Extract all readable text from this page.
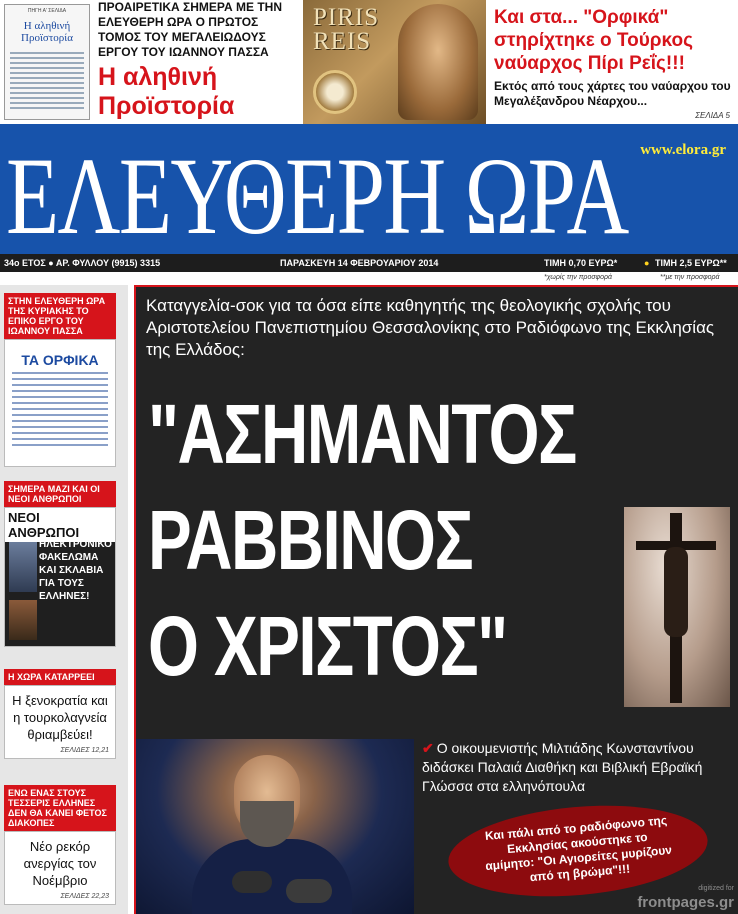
ΠΗΓΗ Α' ΣΕΛΙΔΑ
Η αληθινή Προϊστορία
ΠΡΟΑΙΡΕΤΙΚΑ ΣΗΜΕΡΑ ΜΕ ΤΗΝ ΕΛΕΥΘΕΡΗ ΩΡΑ Ο ΠΡΩΤΟΣ ΤΟΜΟΣ ΤΟΥ ΜΕΓΑΛΕΙΩΔΟΥΣ ΕΡΓΟΥ ΤΟΥ ΙΩΑΝΝΟΥ ΠΑΣΣΑ
Η αληθινή
Προϊστορία
PIRIS
REIS
Και στα... "Ορφικά" στηρίχτηκε ο Τούρκος ναύαρχος Πίρι Ρεΐς!!!
Εκτός από τους χάρτες του ναύαρχου του Μεγαλέξανδρου Νέαρχου...
ΣΕΛΙΔΑ 5
ΕΛΕΥΘΕΡΗ ΩΡΑ www.elora.gr
34ο ΕΤΟΣ ● ΑΡ. ΦΥΛΛΟΥ (9915) 3315	ΠΑΡΑΣΚΕΥΗ 14 ΦΕΒΡΟΥΑΡΙΟΥ 2014	ΤΙΜΗ 0,70 ΕΥΡΩ*	● ΤΙΜΗ 2,5 ΕΥΡΩ**
*χωρίς την προσφορά	**με την προσφορά
ΣΤΗΝ ΕΛΕΥΘΕΡΗ ΩΡΑ ΤΗΣ ΚΥΡΙΑΚΗΣ ΤΟ ΕΠΙΚΟ ΕΡΓΟ ΤΟΥ ΙΩΑΝΝΟΥ ΠΑΣΣΑ
ΤΑ ΟΡΦΙΚΑ
ΣΗΜΕΡΑ ΜΑΖΙ ΚΑΙ ΟΙ ΝΕΟΙ ΑΝΘΡΩΠΟΙ
ΝΕΟΙ ΑΝΘΡΩΠΟΙ
ΗΛΕΚΤΡΟΝΙΚΟ ΦΑΚΕΛΩΜΑ ΚΑΙ ΣΚΛΑΒΙΑ ΓΙΑ ΤΟΥΣ ΕΛΛΗΝΕΣ!
Η ΧΩΡΑ ΚΑΤΑΡΡΕΕΙ
Η ξενοκρατία και η τουρκολαγνεία θριαμβεύει!
ΣΕΛΙΔΕΣ 12,21
ΕΝΩ ΕΝΑΣ ΣΤΟΥΣ ΤΕΣΣΕΡΙΣ ΕΛΛΗΝΕΣ ΔΕΝ ΘΑ ΚΑΝΕΙ ΦΕΤΟΣ ΔΙΑΚΟΠΕΣ
Νέο ρεκόρ ανεργίας τον Νοέμβριο
ΣΕΛΙΔΕΣ 22,23
Καταγγελία-σοκ για τα όσα είπε καθηγητής της θεολογικής σχολής του Αριστοτελείου Πανεπιστημίου Θεσσαλονίκης στο Ραδιόφωνο της Εκκλησίας της Ελλάδος:
"ΑΣΗΜΑΝΤΟΣ
ΡΑΒΒΙΝΟΣ
Ο ΧΡΙΣΤΟΣ"
✔ Ο οικουμενιστής Μιλτιάδης Κωνσταντίνου διδάσκει Παλαιά Διαθήκη και Βιβλική Εβραϊκή Γλώσσα στα ελληνόπουλα
Και πάλι από το ραδιόφωνο της Εκκλησίας ακούστηκε το αμίμητο: "Οι Αγιορείτες μυρίζουν από τη βρώμα"!!!
digitized for
frontpages.gr
